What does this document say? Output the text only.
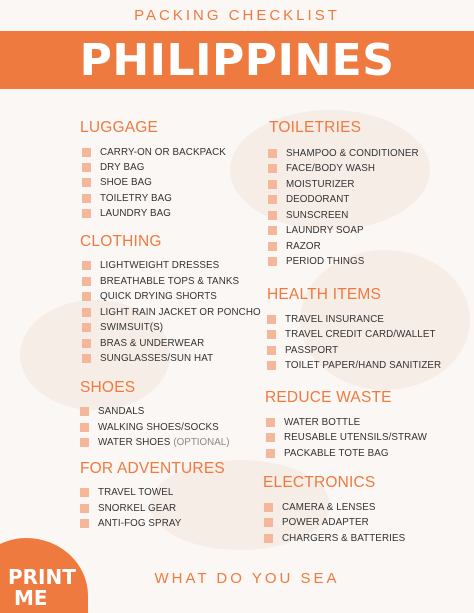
PACKING CHECKLIST
PHILIPPINES
LUGGAGE
CARRY-ON OR BACKPACK
DRY BAG
SHOE BAG
TOILETRY BAG
LAUNDRY BAG
CLOTHING
LIGHTWEIGHT DRESSES
BREATHABLE TOPS & TANKS
QUICK DRYING SHORTS
LIGHT RAIN JACKET OR PONCHO
SWIMSUIT(S)
BRAS & UNDERWEAR
SUNGLASSES/SUN HAT
SHOES
SANDALS
WALKING SHOES/SOCKS
WATER SHOES (OPTIONAL)
FOR ADVENTURES
TRAVEL TOWEL
SNORKEL GEAR
ANTI-FOG SPRAY
TOILETRIES
SHAMPOO & CONDITIONER
FACE/BODY WASH
MOISTURIZER
DEODORANT
SUNSCREEN
LAUNDRY SOAP
RAZOR
PERIOD THINGS
HEALTH ITEMS
TRAVEL INSURANCE
TRAVEL CREDIT CARD/WALLET
PASSPORT
TOILET PAPER/HAND SANITIZER
REDUCE WASTE
WATER BOTTLE
REUSABLE UTENSILS/STRAW
PACKABLE TOTE BAG
ELECTRONICS
CAMERA & LENSES
POWER ADAPTER
CHARGERS & BATTERIES
PRINT
ME
WHAT DO YOU SEA
